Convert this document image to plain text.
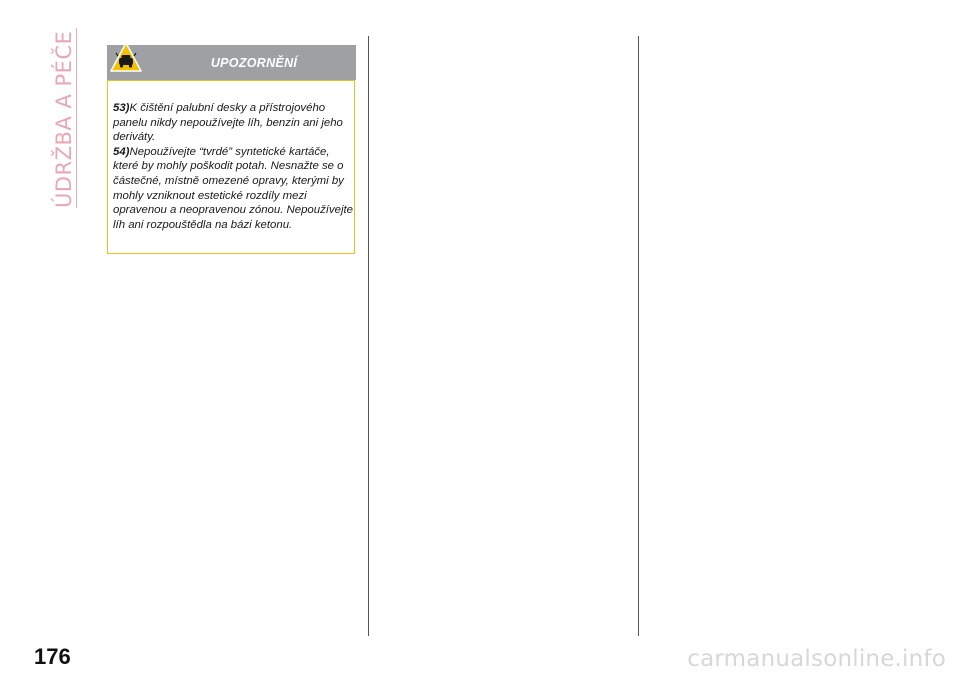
ÚDRŽBA A PÉČE	UPOZORNĚNÍ

53)K čištění palubní desky a přístrojového panelu nikdy nepoužívejte líh, benzin ani jeho deriváty.

54)Nepoužívejte “tvrdé” syntetické kartáče, které by mohly poškodit potah. Nesnažte se o částečné, místně omezené opravy, kterými by mohly vzniknout estetické rozdíly mezi opravenou a neopravenou zónou. Nepoužívejte líh ani rozpouštědla na bázi ketonu.

176	carmanualsonline.info
